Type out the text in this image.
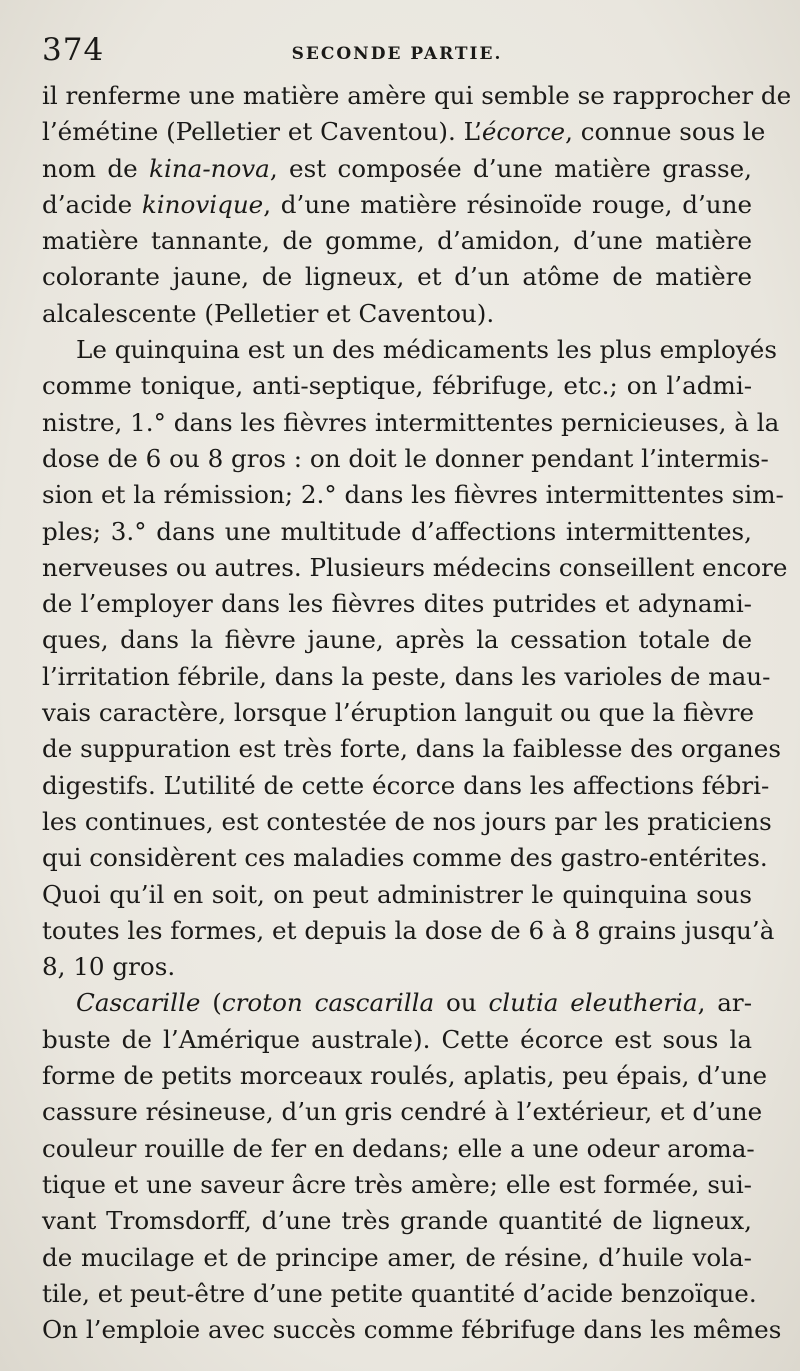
374	SECONDE PARTIE.
il renferme une matière amère qui semble se rapprocher de
l’émétine (Pelletier et Caventou). L’écorce, connue sous le
nom de kina-nova, est composée d’une matière grasse,
d’acide kinovique, d’une matière résinoïde rouge, d’une
matière tannante, de gomme, d’amidon, d’une matière
colorante jaune, de ligneux, et d’un atôme de matière
alcalescente (Pelletier et Caventou).
Le quinquina est un des médicaments les plus employés
comme tonique, anti-septique, fébrifuge, etc.; on l’admi-
nistre, 1.° dans les fièvres intermittentes pernicieuses, à la
dose de 6 ou 8 gros : on doit le donner pendant l’intermis-
sion et la rémission; 2.° dans les fièvres intermittentes sim-
ples; 3.° dans une multitude d’affections intermittentes,
nerveuses ou autres. Plusieurs médecins conseillent encore
de l’employer dans les fièvres dites putrides et adynami-
ques, dans la fièvre jaune, après la cessation totale de
l’irritation fébrile, dans la peste, dans les varioles de mau-
vais caractère, lorsque l’éruption languit ou que la fièvre
de suppuration est très forte, dans la faiblesse des organes
digestifs. L’utilité de cette écorce dans les affections fébri-
les continues, est contestée de nos jours par les praticiens
qui considèrent ces maladies comme des gastro-entérites.
Quoi qu’il en soit, on peut administrer le quinquina sous
toutes les formes, et depuis la dose de 6 à 8 grains jusqu’à
8, 10 gros.
Cascarille (croton cascarilla ou clutia eleutheria, ar-
buste de l’Amérique australe). Cette écorce est sous la
forme de petits morceaux roulés, aplatis, peu épais, d’une
cassure résineuse, d’un gris cendré à l’extérieur, et d’une
couleur rouille de fer en dedans; elle a une odeur aroma-
tique et une saveur âcre très amère; elle est formée, sui-
vant Tromsdorff, d’une très grande quantité de ligneux,
de mucilage et de principe amer, de résine, d’huile vola-
tile, et peut-être d’une petite quantité d’acide benzoïque.
On l’emploie avec succès comme fébrifuge dans les mêmes
